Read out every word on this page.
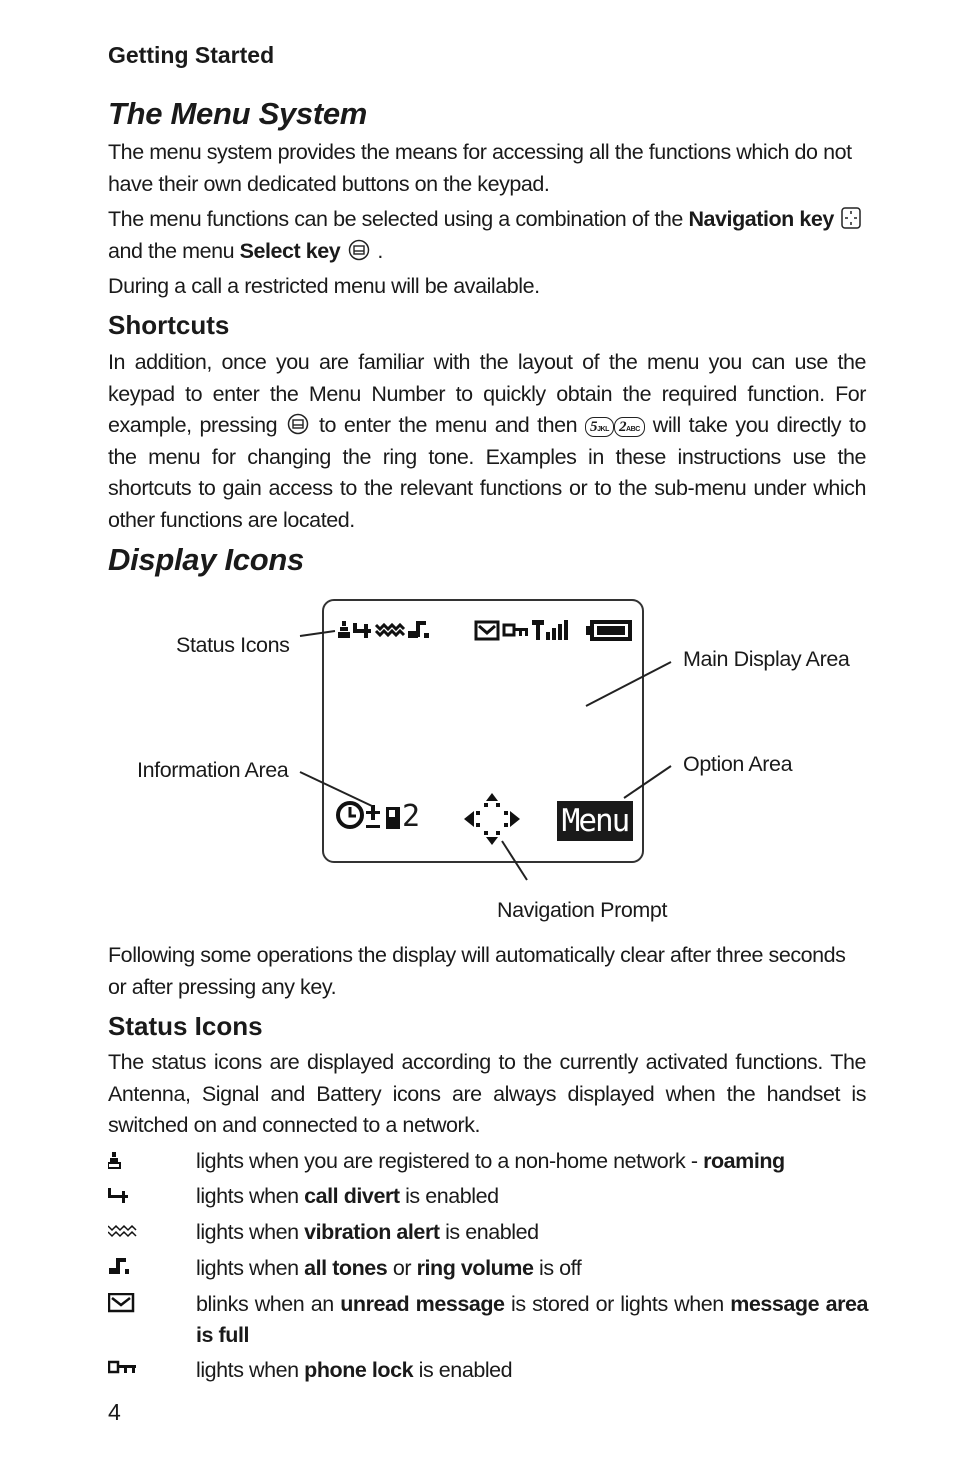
Getting Started
The Menu System
The menu system provides the means for accessing all the functions which do not have their own dedicated buttons on the keypad.
The menu functions can be selected using a combination of the Navigation key
and the menu Select key .
During a call a restricted menu will be available.
Shortcuts
In addition, once you are familiar with the layout of the menu you can use the keypad to enter the Menu Number to quickly obtain the required function. For example, pressing to enter the menu and then 5JKL 2ABC will take you directly to the menu for changing the ring tone. Examples in these instructions use the shortcuts to gain access to the relevant functions or to the sub-menu under which other functions are located.
Display Icons
2	Menu
Status Icons
Main Display Area
Information Area	Option Area
Navigation Prompt
Following some operations the display will automatically clear after three seconds or after pressing any key.
Status Icons
The status icons are displayed according to the currently activated functions. The Antenna, Signal and Battery icons are always displayed when the handset is switched on and connected to a network.
lights when you are registered to a non-home network - roaming
lights when call divert is enabled
lights when vibration alert is enabled
lights when all tones or ring volume is off
blinks when an unread message is stored or lights when message area is full
lights when phone lock is enabled
4
